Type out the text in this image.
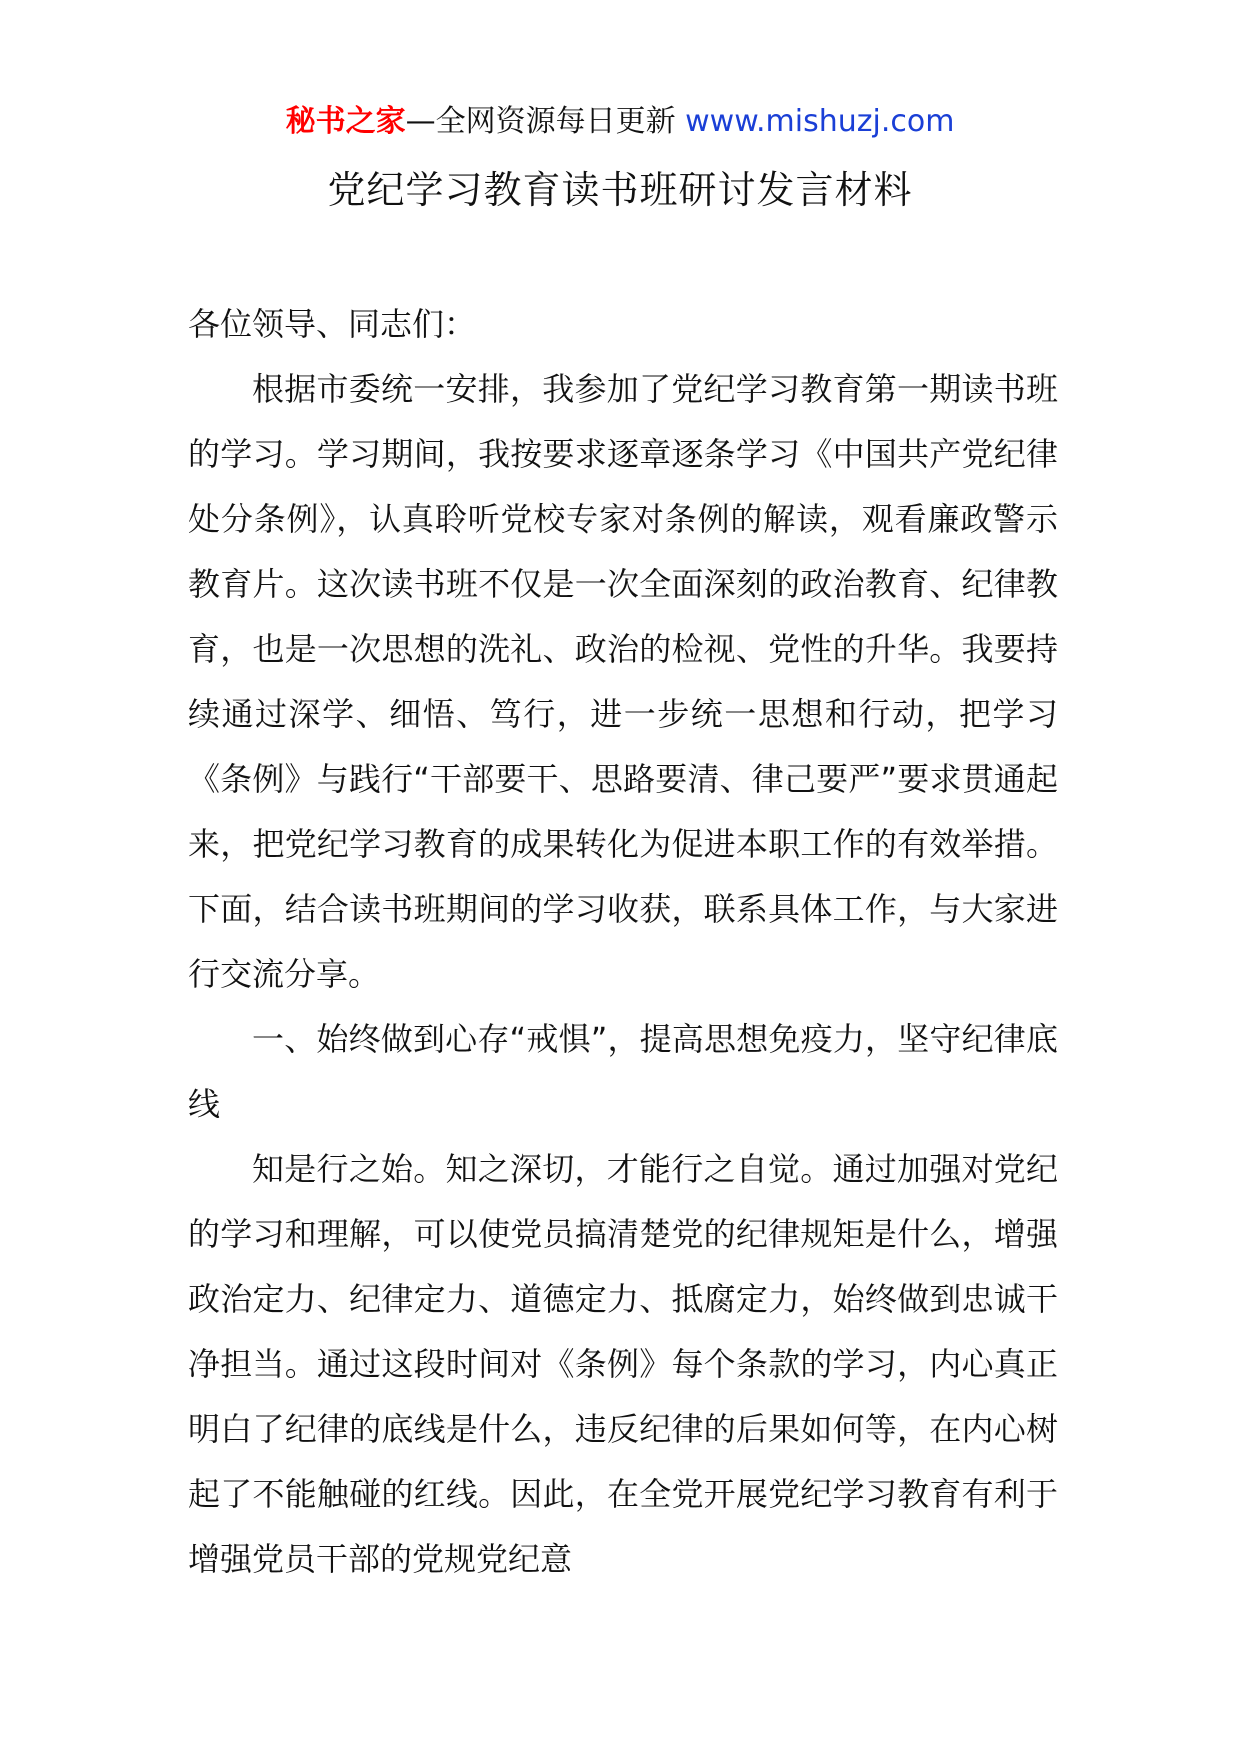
秘书之家—全网资源每日更新 www.mishuzj.com
党纪学习教育读书班研讨发言材料

各位领导、同志们：

根据市委统一安排，我参加了党纪学习教育第一期读书班的学习。学习期间，我按要求逐章逐条学习《中国共产党纪律处分条例》，认真聆听党校专家对条例的解读，观看廉政警示教育片。这次读书班不仅是一次全面深刻的政治教育、纪律教育，也是一次思想的洗礼、政治的检视、党性的升华。我要持续通过深学、细悟、笃行，进一步统一思想和行动，把学习《条例》与践行“干部要干、思路要清、律己要严”要求贯通起来，把党纪学习教育的成果转化为促进本职工作的有效举措。下面，结合读书班期间的学习收获，联系具体工作，与大家进行交流分享。

一、始终做到心存“戒惧”，提高思想免疫力，坚守纪律底线

知是行之始。知之深切，才能行之自觉。通过加强对党纪的学习和理解，可以使党员搞清楚党的纪律规矩是什么，增强政治定力、纪律定力、道德定力、抵腐定力，始终做到忠诚干净担当。通过这段时间对《条例》每个条款的学习，内心真正明白了纪律的底线是什么，违反纪律的后果如何等，在内心树起了不能触碰的红线。因此，在全党开展党纪学习教育有利于增强党员干部的党规党纪意
